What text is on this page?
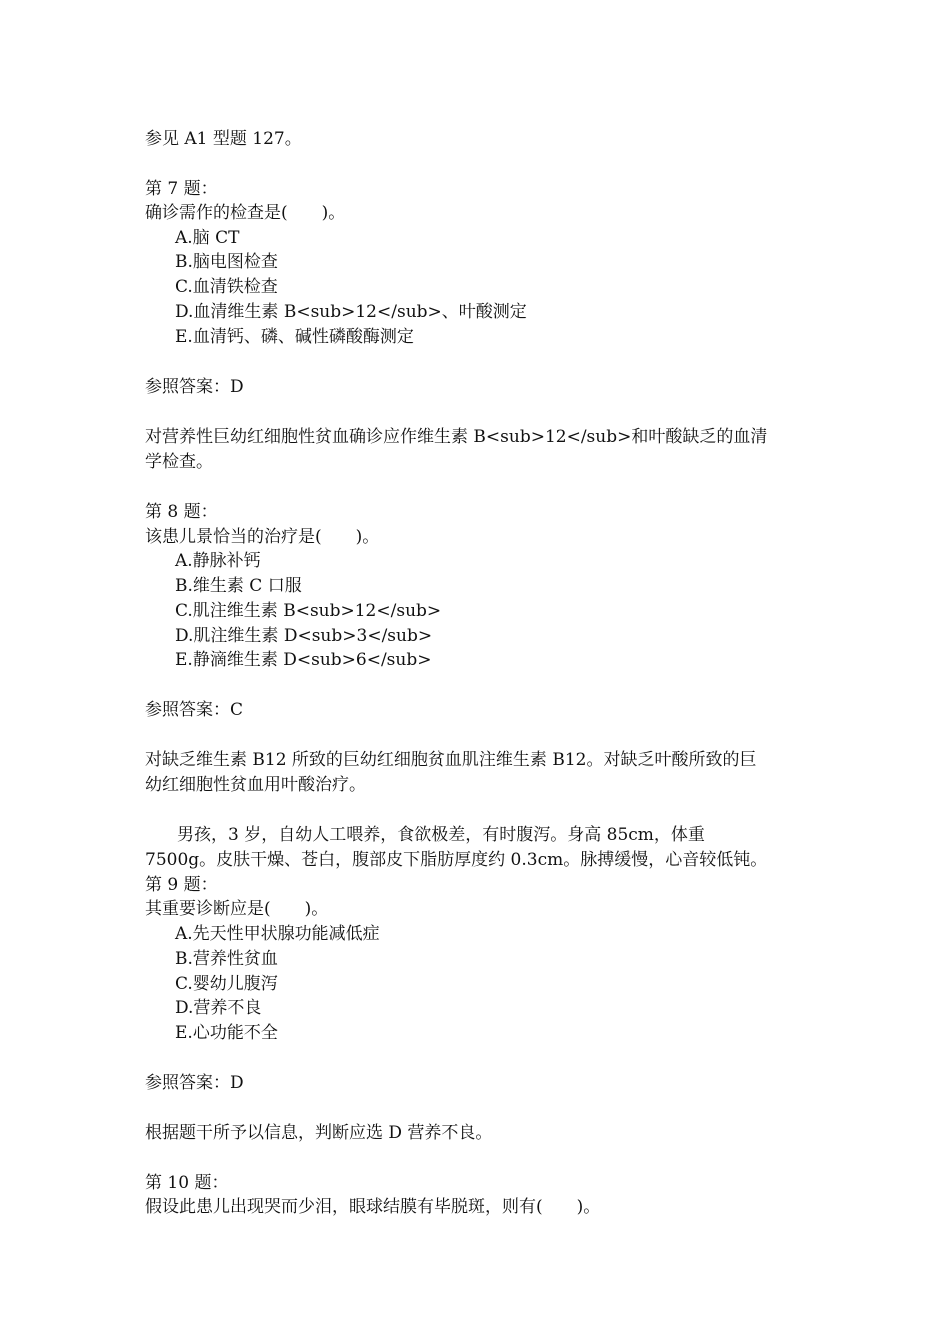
参见 A1 型题 127。
第 7 题：
确诊需作的检查是(　　)。
A.脑 CT
B.脑电图检查
C.血清铁检查
D.血清维生素 B<sub>12</sub>、叶酸测定
E.血清钙、磷、碱性磷酸酶测定
参照答案：D
对营养性巨幼红细胞性贫血确诊应作维生素 B<sub>12</sub>和叶酸缺乏的血清
学检查。
第 8 题：
该患儿景恰当的治疗是(　　)。
A.静脉补钙
B.维生素 C 口服
C.肌注维生素 B<sub>12</sub>
D.肌注维生素 D<sub>3</sub>
E.静滴维生素 D<sub>6</sub>
参照答案：C
对缺乏维生素 B12 所致的巨幼红细胞贫血肌注维生素 B12。对缺乏叶酸所致的巨
幼红细胞性贫血用叶酸治疗。
男孩，3 岁，自幼人工喂养，食欲极差，有时腹泻。身高 85cm，体重
7500g。皮肤干燥、苍白，腹部皮下脂肪厚度约 0.3cm。脉搏缓慢，心音较低钝。
第 9 题：
其重要诊断应是(　　)。
A.先天性甲状腺功能减低症
B.营养性贫血
C.婴幼儿腹泻
D.营养不良
E.心功能不全
参照答案：D
根据题干所予以信息，判断应选 D 营养不良。
第 10 题：
假设此患儿出现哭而少泪，眼球结膜有毕脱斑，则有(　　)。
